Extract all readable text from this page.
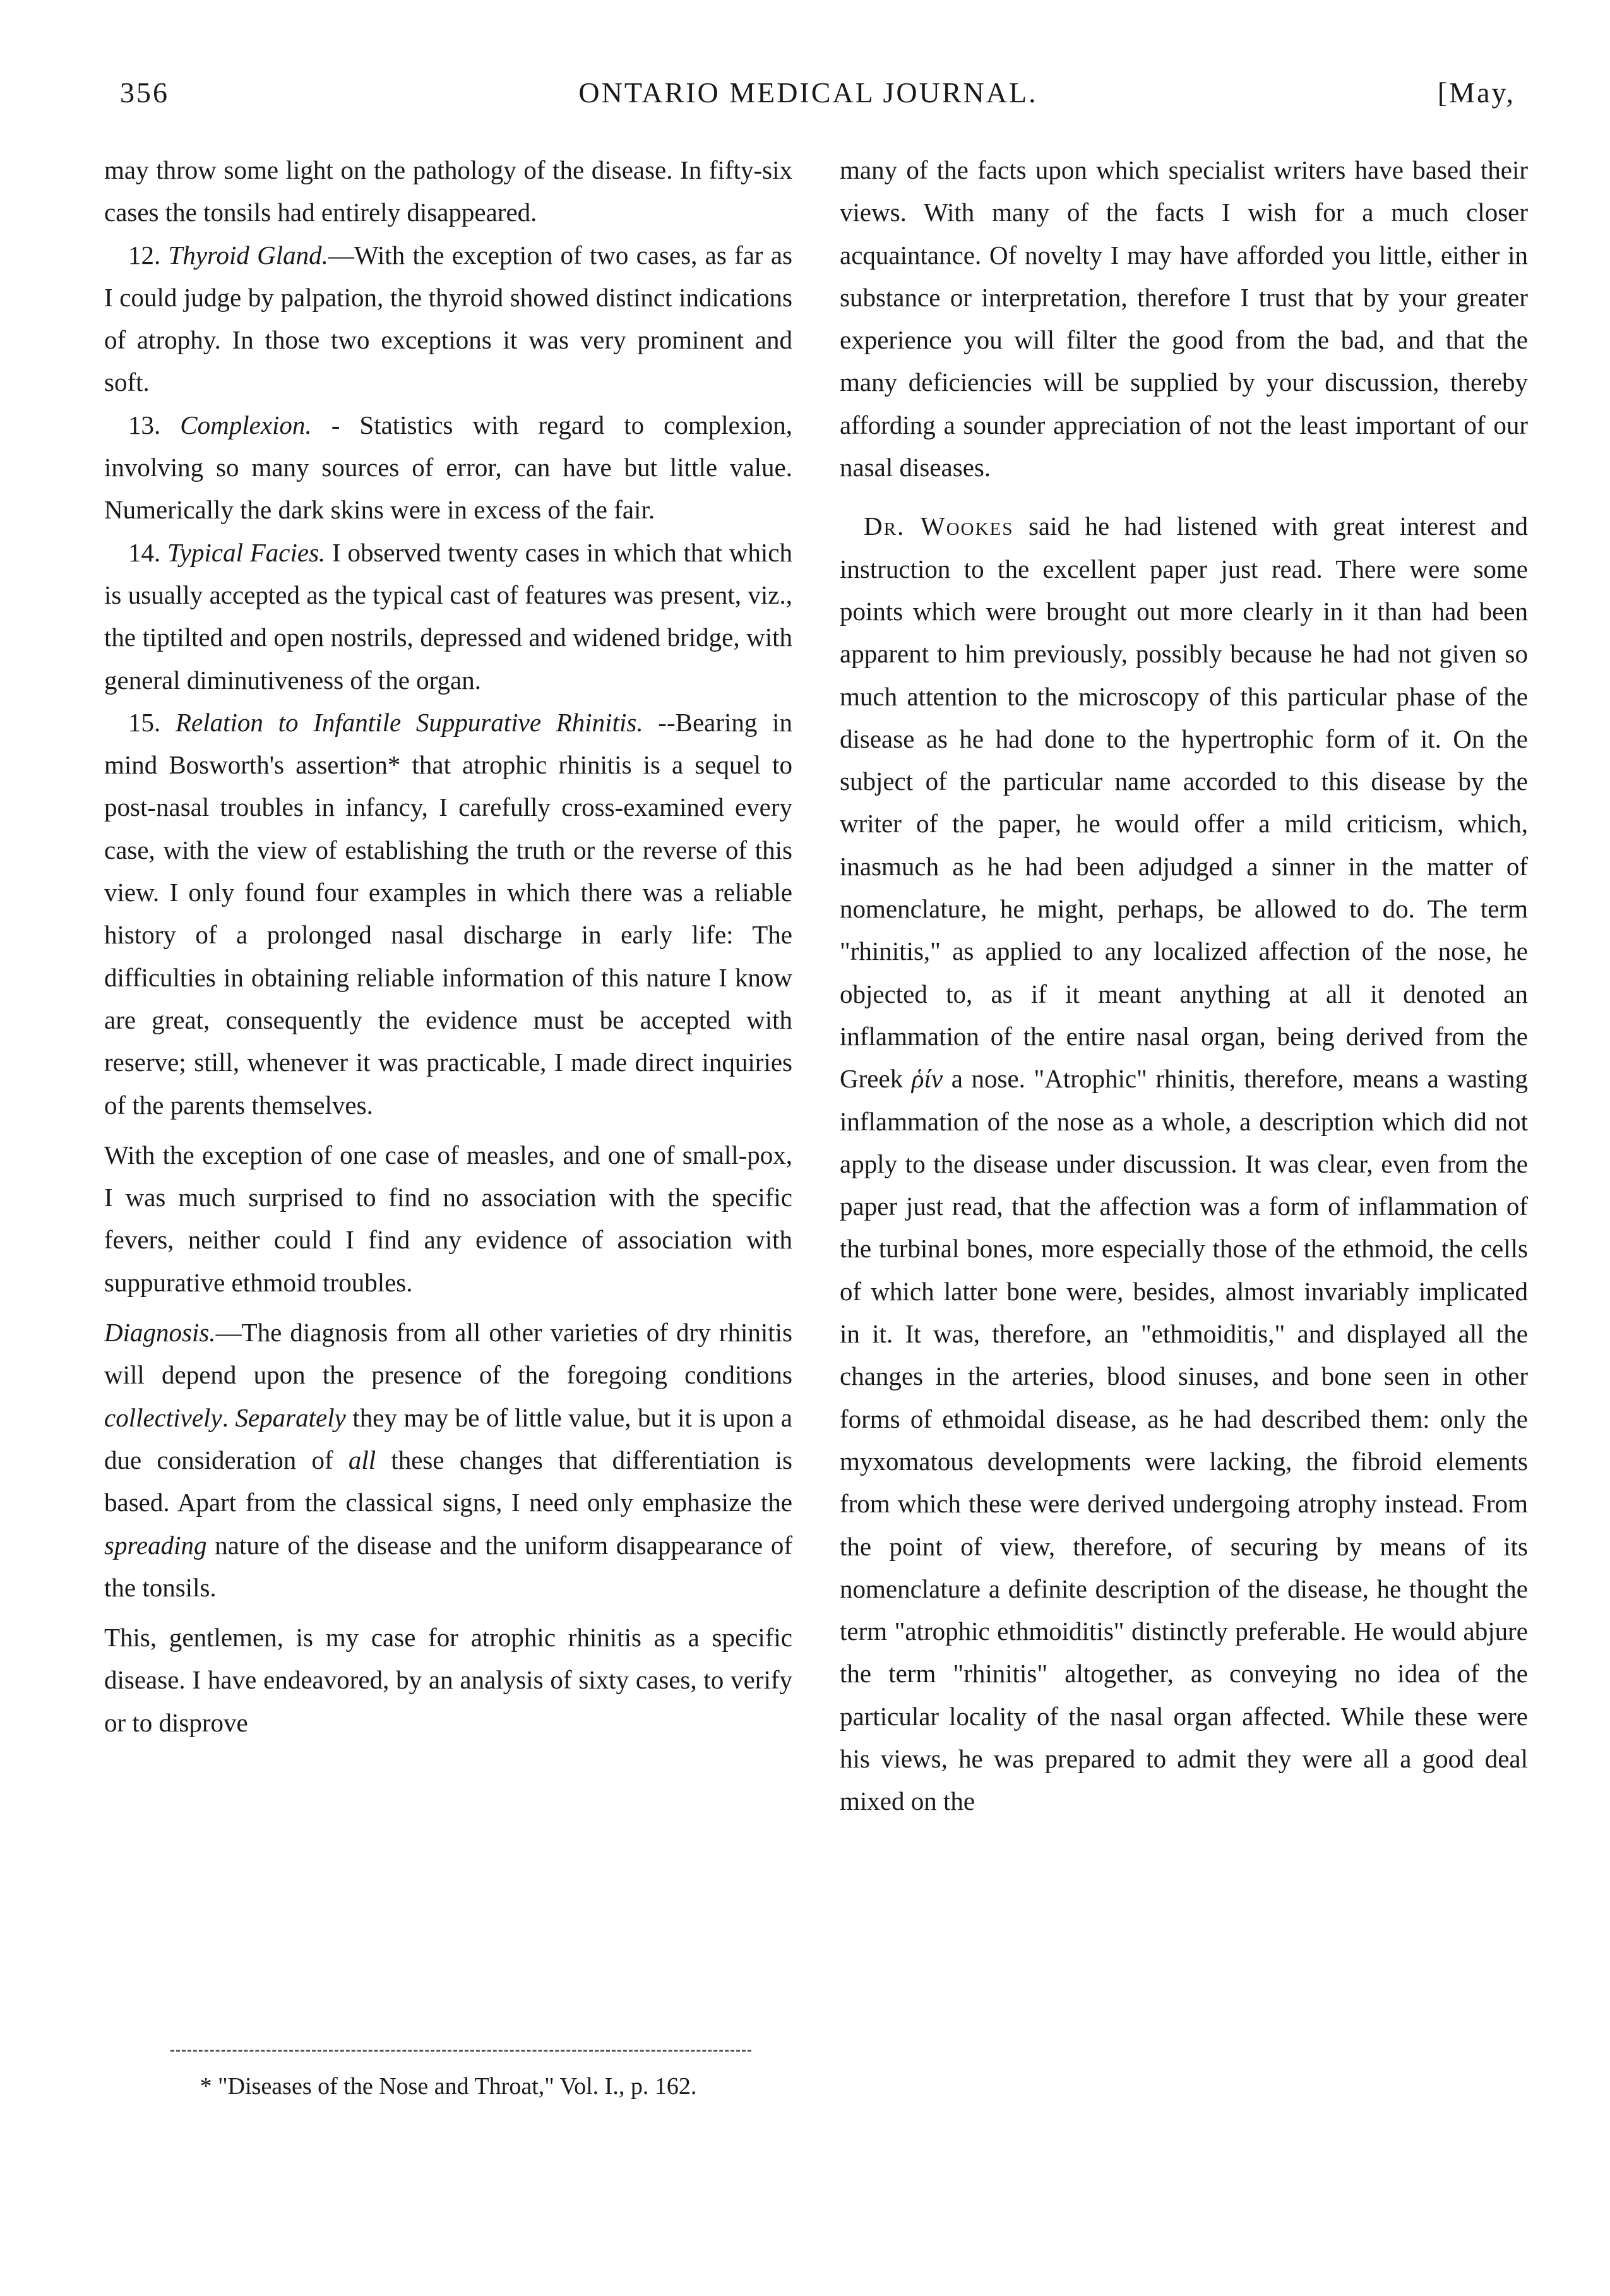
356	ONTARIO MEDICAL JOURNAL.	[May,

may throw some light on the pathology of the disease. In fifty-six cases the tonsils had entirely disappeared.

12. Thyroid Gland.—With the exception of two cases, as far as I could judge by palpation, the thyroid showed distinct indications of atrophy. In those two exceptions it was very prominent and soft.

13. Complexion. - Statistics with regard to complexion, involving so many sources of error, can have but little value. Numerically the dark skins were in excess of the fair.

14. Typical Facies. I observed twenty cases in which that which is usually accepted as the typical cast of features was present, viz., the tiptilted and open nostrils, depressed and widened bridge, with general diminutiveness of the organ.

15. Relation to Infantile Suppurative Rhinitis. --Bearing in mind Bosworth's assertion* that atrophic rhinitis is a sequel to post-nasal troubles in infancy, I carefully cross-examined every case, with the view of establishing the truth or the reverse of this view. I only found four examples in which there was a reliable history of a prolonged nasal discharge in early life: The difficulties in obtaining reliable information of this nature I know are great, consequently the evidence must be accepted with reserve; still, whenever it was practicable, I made direct inquiries of the parents themselves.

With the exception of one case of measles, and one of small-pox, I was much surprised to find no association with the specific fevers, neither could I find any evidence of association with suppurative ethmoid troubles.

Diagnosis.—The diagnosis from all other varieties of dry rhinitis will depend upon the presence of the foregoing conditions collectively. Separately they may be of little value, but it is upon a due consideration of all these changes that differentiation is based. Apart from the classical signs, I need only emphasize the spreading nature of the disease and the uniform disappearance of the tonsils.

This, gentlemen, is my case for atrophic rhinitis as a specific disease. I have endeavored, by an analysis of sixty cases, to verify or to disprove

* "Diseases of the Nose and Throat," Vol. I., p. 162.

many of the facts upon which specialist writers have based their views. With many of the facts I wish for a much closer acquaintance. Of novelty I may have afforded you little, either in substance or interpretation, therefore I trust that by your greater experience you will filter the good from the bad, and that the many deficiencies will be supplied by your discussion, thereby affording a sounder appreciation of not the least important of our nasal diseases.

Dr. Wookes said he had listened with great interest and instruction to the excellent paper just read. There were some points which were brought out more clearly in it than had been apparent to him previously, possibly because he had not given so much attention to the microscopy of this particular phase of the disease as he had done to the hypertrophic form of it. On the subject of the particular name accorded to this disease by the writer of the paper, he would offer a mild criticism, which, inasmuch as he had been adjudged a sinner in the matter of nomenclature, he might, perhaps, be allowed to do. The term "rhinitis," as applied to any localized affection of the nose, he objected to, as if it meant anything at all it denoted an inflammation of the entire nasal organ, being derived from the Greek ῥίν a nose. "Atrophic" rhinitis, therefore, means a wasting inflammation of the nose as a whole, a description which did not apply to the disease under discussion. It was clear, even from the paper just read, that the affection was a form of inflammation of the turbinal bones, more especially those of the ethmoid, the cells of which latter bone were, besides, almost invariably implicated in it. It was, therefore, an "ethmoiditis," and displayed all the changes in the arteries, blood sinuses, and bone seen in other forms of ethmoidal disease, as he had described them: only the myxomatous developments were lacking, the fibroid elements from which these were derived undergoing atrophy instead. From the point of view, therefore, of securing by means of its nomenclature a definite description of the disease, he thought the term "atrophic ethmoiditis" distinctly preferable. He would abjure the term "rhinitis" altogether, as conveying no idea of the particular locality of the nasal organ affected. While these were his views, he was prepared to admit they were all a good deal mixed on the
